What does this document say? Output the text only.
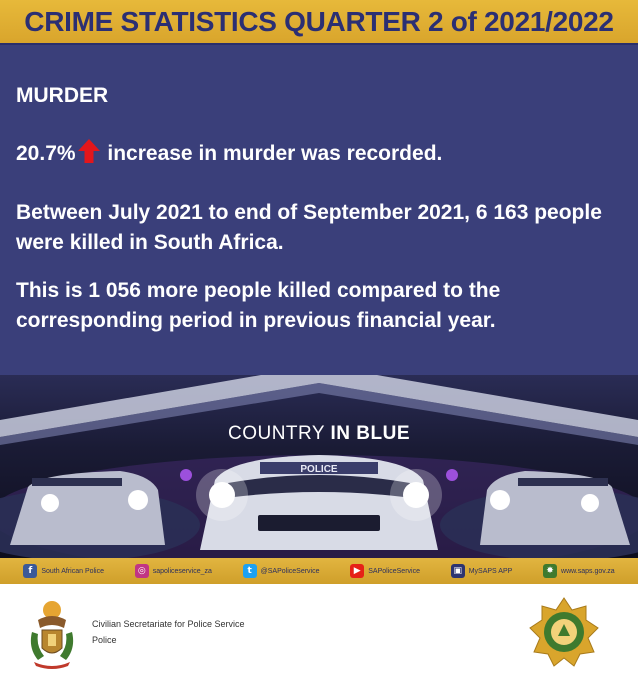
CRIME STATISTICS QUARTER 2 of 2021/2022
MURDER
20.7% increase in murder was recorded.
Between July 2021 to end of September 2021, 6 163 people were killed in South Africa.
This is 1 056 more people killed compared to the corresponding period in previous financial year.
POLICE
COUNTRY IN BLUE
f	South African Police	◎	sapoliceservice_za	t	@SAPoliceService	▶	SAPoliceService	▣ MySAPS APP	✸	www.saps.gov.za
Civilian Secretariate for Police Service
Police
